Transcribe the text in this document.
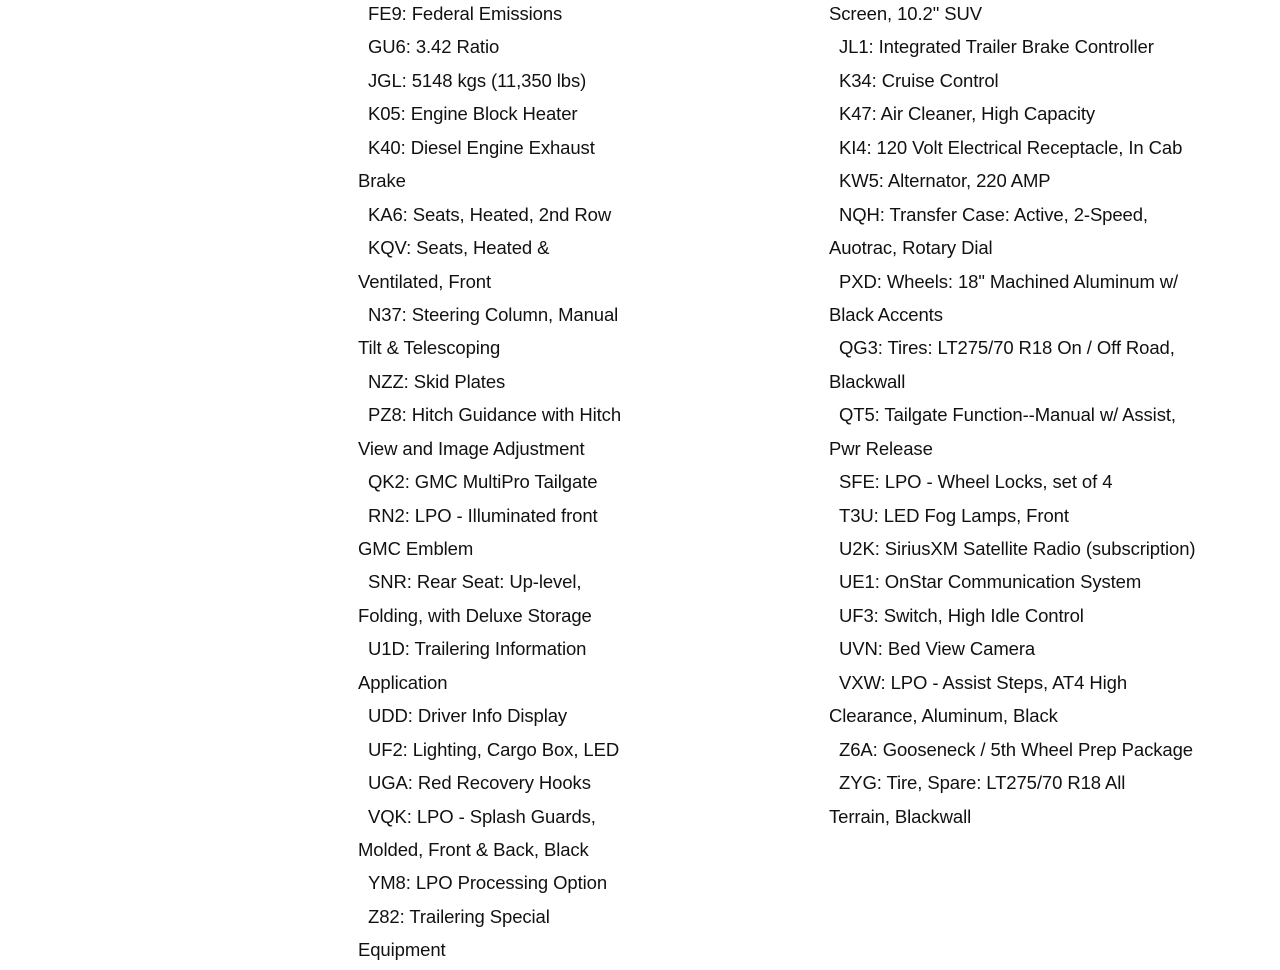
FE9: Federal Emissions
GU6: 3.42 Ratio
JGL: 5148 kgs (11,350 lbs)
K05: Engine Block Heater
K40: Diesel Engine Exhaust
Brake
KA6: Seats, Heated, 2nd Row
KQV: Seats, Heated &
Ventilated, Front
N37: Steering Column, Manual
Tilt & Telescoping
NZZ: Skid Plates
PZ8: Hitch Guidance with Hitch
View and Image Adjustment
QK2: GMC MultiPro Tailgate
RN2: LPO - Illuminated front
GMC Emblem
SNR: Rear Seat: Up-level,
Folding, with Deluxe Storage
U1D: Trailering Information
Application
UDD: Driver Info Display
UF2: Lighting, Cargo Box, LED
UGA: Red Recovery Hooks
VQK: LPO - Splash Guards,
Molded, Front & Back, Black
YM8: LPO Processing Option
Z82: Trailering Special
Equipment
Screen, 10.2" SUV
JL1: Integrated Trailer Brake Controller
K34: Cruise Control
K47: Air Cleaner, High Capacity
KI4: 120 Volt Electrical Receptacle, In Cab
KW5: Alternator, 220 AMP
NQH: Transfer Case: Active, 2-Speed,
Auotrac, Rotary Dial
PXD: Wheels: 18" Machined Aluminum w/
Black Accents
QG3: Tires: LT275/70 R18 On / Off Road,
Blackwall
QT5: Tailgate Function--Manual w/ Assist,
Pwr Release
SFE: LPO - Wheel Locks, set of 4
T3U: LED Fog Lamps, Front
U2K: SiriusXM Satellite Radio (subscription)
UE1: OnStar Communication System
UF3: Switch, High Idle Control
UVN: Bed View Camera
VXW: LPO - Assist Steps, AT4 High
Clearance, Aluminum, Black
Z6A: Gooseneck / 5th Wheel Prep Package
ZYG: Tire, Spare: LT275/70 R18 All
Terrain, Blackwall
